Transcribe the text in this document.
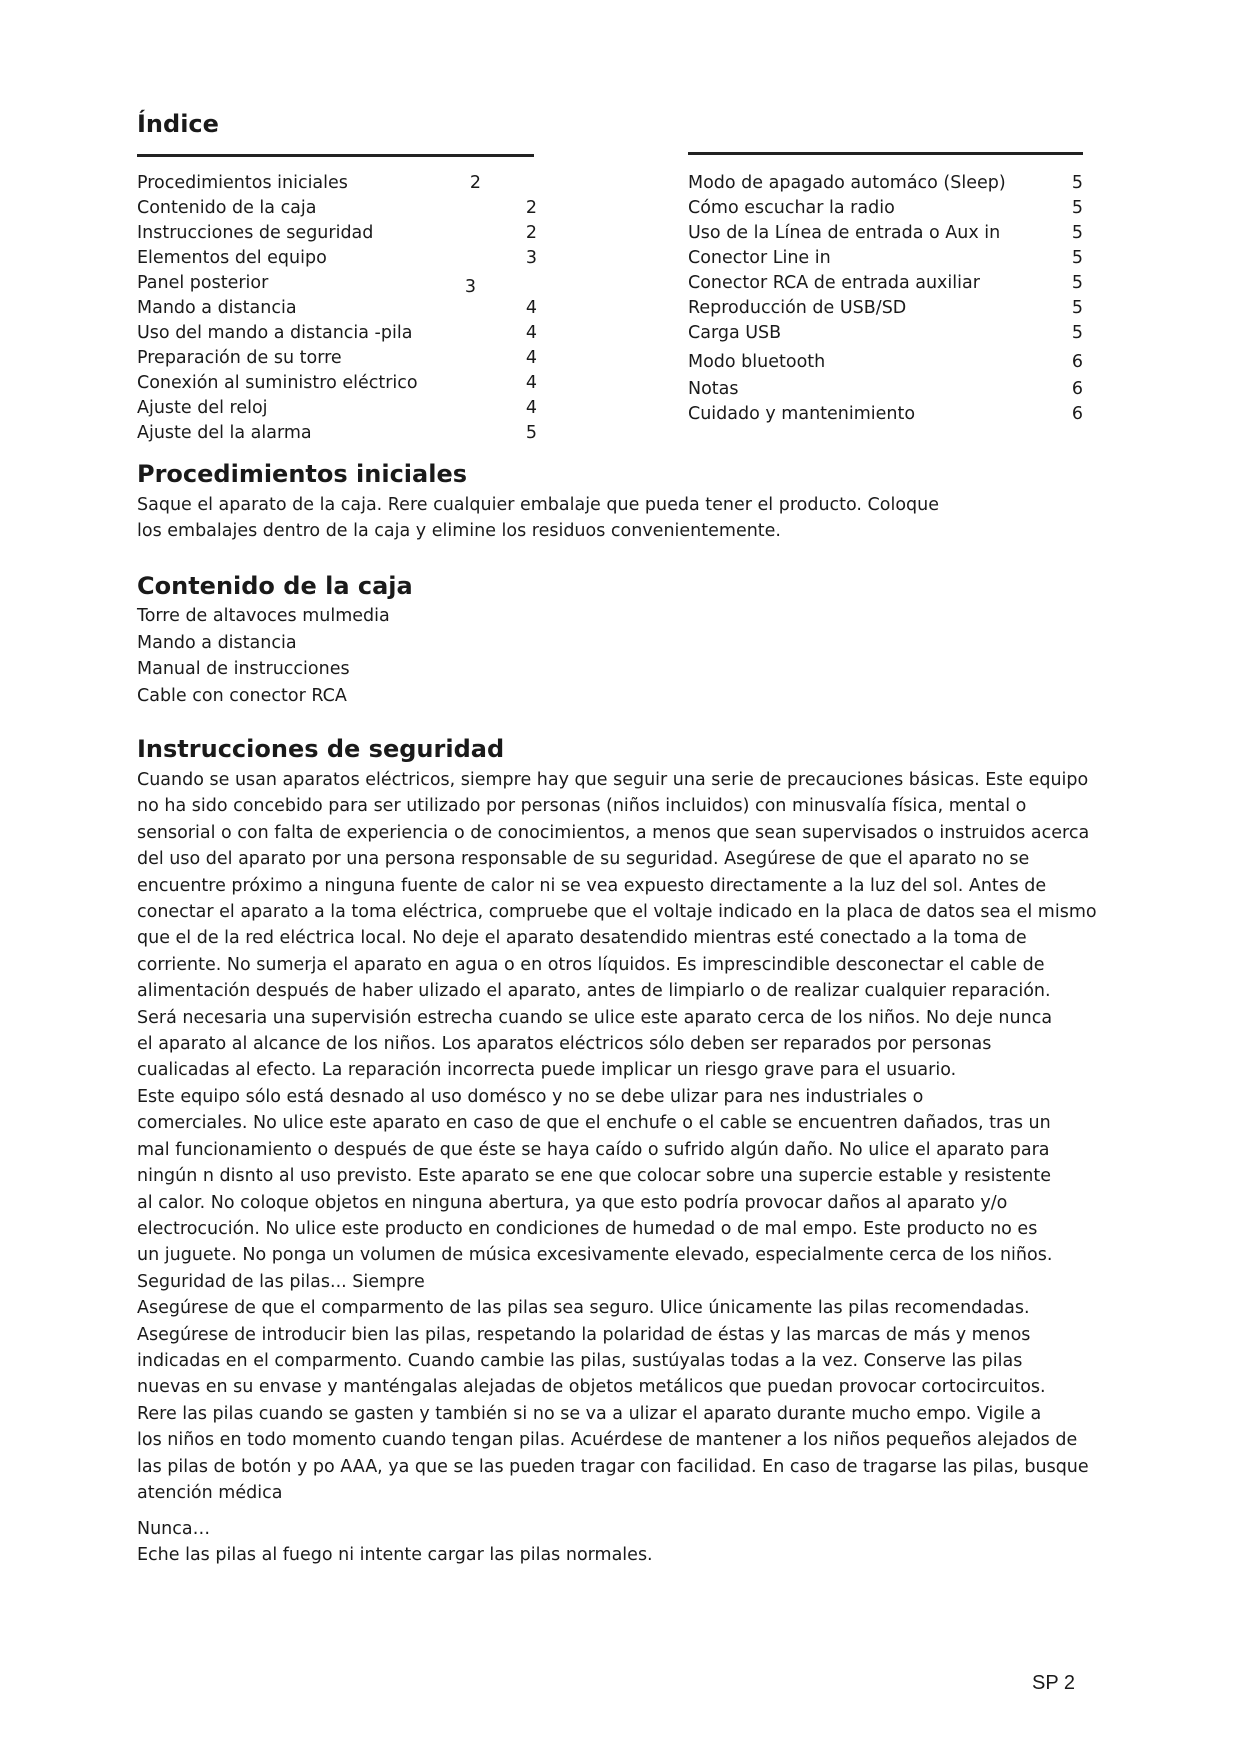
Índice
Procedimientos iniciales	2
Contenido de la caja	2
Instrucciones de seguridad	2
Elementos del equipo	3
Panel posterior	3
Mando a distancia	4
Uso del mando a distancia -pila	4
Preparación de su torre	4
Conexión al suministro eléctrico	4
Ajuste del reloj	4
Ajuste del la alarma	5
Modo de apagado automáco (Sleep)	5
Cómo escuchar la radio	5
Uso de la Línea de entrada o Aux in	5
Conector Line in	5
Conector RCA de entrada auxiliar	5
Reproducción de USB/SD	5
Carga USB	5
Modo bluetooth	6
Notas	6
Cuidado y mantenimiento	6
Procedimientos iniciales

Saque el aparato de la caja. Rere cualquier embalaje que pueda tener el producto. Coloque

los embalajes dentro de la caja y elimine los residuos convenientemente.

Contenido de la caja
Torre de altavoces mulmedia
Mando a distancia
Manual de instrucciones
Cable con conector RCA
Instrucciones de seguridad

Cuando se usan aparatos eléctricos, siempre hay que seguir una serie de precauciones básicas. Este equipo

no ha sido concebido para ser utilizado por personas (niños incluidos) con minusvalía física, mental o

sensorial o con falta de experiencia o de conocimientos, a menos que sean supervisados o instruidos acerca

del uso del aparato por una persona responsable de su seguridad. Asegúrese de que el aparato no se

encuentre próximo a ninguna fuente de calor ni se vea expuesto directamente a la luz del sol. Antes de

conectar el aparato a la toma eléctrica, compruebe que el voltaje indicado en la placa de datos sea el mismo

que el de la red eléctrica local. No deje el aparato desatendido mientras esté conectado a la toma de

corriente. No sumerja el aparato en agua o en otros líquidos. Es imprescindible desconectar el cable de

alimentación después de haber ulizado el aparato, antes de limpiarlo o de realizar cualquier reparación.

Será necesaria una supervisión estrecha cuando se ulice este aparato cerca de los niños. No deje nunca

el aparato al alcance de los niños. Los aparatos eléctricos sólo deben ser reparados por personas

cualicadas al efecto. La reparación incorrecta puede implicar un riesgo grave para el usuario.

Este equipo sólo está desnado al uso domésco y no se debe ulizar para nes industriales o

comerciales. No ulice este aparato en caso de que el enchufe o el cable se encuentren dañados, tras un

mal funcionamiento o después de que éste se haya caído o sufrido algún daño. No ulice el aparato para

ningún n disnto al uso previsto. Este aparato se ene que colocar sobre una supercie estable y resistente

al calor. No coloque objetos en ninguna abertura, ya que esto podría provocar daños al aparato y/o

electrocución. No ulice este producto en condiciones de humedad o de mal empo. Este producto no es

un juguete. No ponga un volumen de música excesivamente elevado, especialmente cerca de los niños.

Seguridad de las pilas... Siempre

Asegúrese de que el comparmento de las pilas sea seguro. Ulice únicamente las pilas recomendadas.

Asegúrese de introducir bien las pilas, respetando la polaridad de éstas y las marcas de más y menos

indicadas en el comparmento. Cuando cambie las pilas, sustúyalas todas a la vez. Conserve las pilas

nuevas en su envase y manténgalas alejadas de objetos metálicos que puedan provocar cortocircuitos.

Rere las pilas cuando se gasten y también si no se va a ulizar el aparato durante mucho empo. Vigile a

los niños en todo momento cuando tengan pilas. Acuérdese de mantener a los niños pequeños alejados de

las pilas de botón y po AAA, ya que se las pueden tragar con facilidad. En caso de tragarse las pilas, busque

atención médica

Nunca…

Eche las pilas al fuego ni intente cargar las pilas normales.

SP 2
